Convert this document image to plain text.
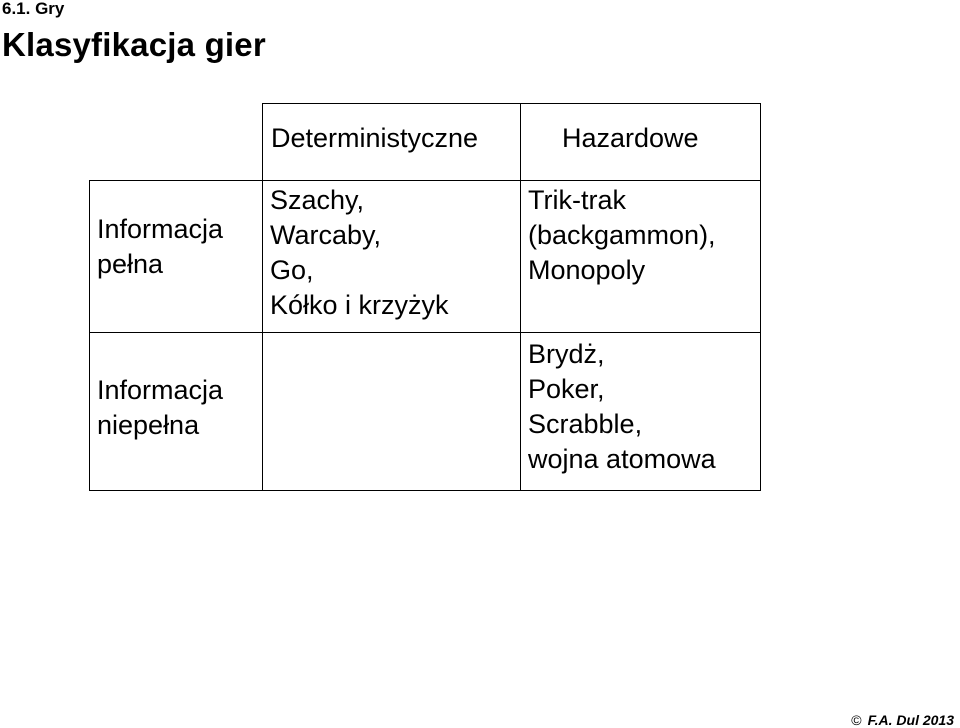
6.1. Gry
Klasyfikacja gier
Deterministyczne	Hazardowe
Informacja
pełna
Szachy,
Warcaby,
Go,
Kółko i krzyżyk
Trik-trak
(backgammon),
Monopoly
Informacja
niepełna
Brydż,
Poker,
Scrabble,
wojna atomowa
© F.A. Dul 2013
